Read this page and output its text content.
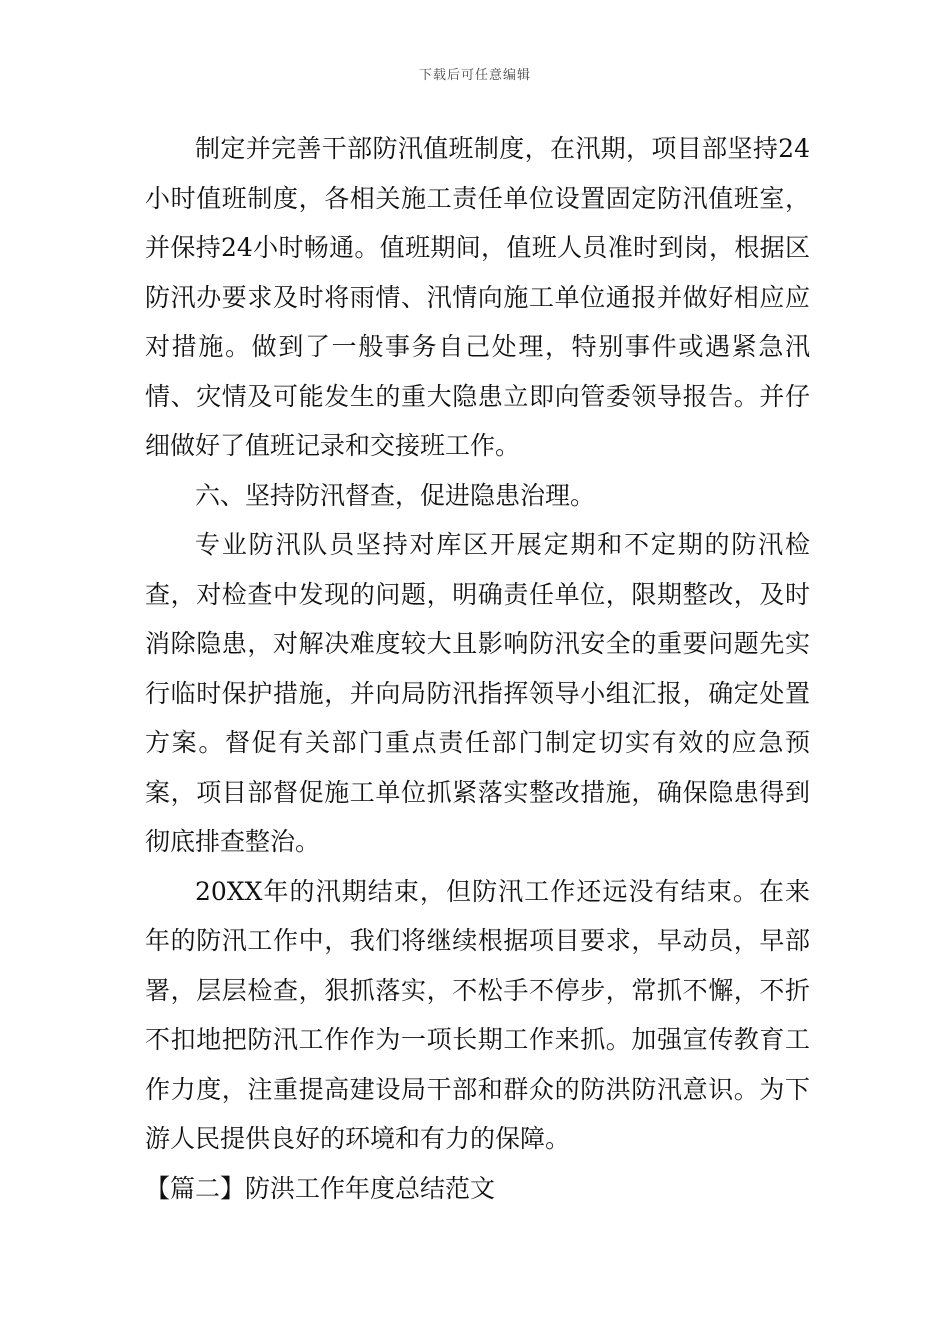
下载后可任意编辑

制定并完善干部防汛值班制度，在汛期，项目部坚持24小时值班制度，各相关施工责任单位设置固定防汛值班室，并保持24小时畅通。值班期间，值班人员准时到岗，根据区防汛办要求及时将雨情、汛情向施工单位通报并做好相应应对措施。做到了一般事务自己处理，特别事件或遇紧急汛情、灾情及可能发生的重大隐患立即向管委领导报告。并仔细做好了值班记录和交接班工作。

六、坚持防汛督查，促进隐患治理。

专业防汛队员坚持对库区开展定期和不定期的防汛检查，对检查中发现的问题，明确责任单位，限期整改，及时消除隐患，对解决难度较大且影响防汛安全的重要问题先实行临时保护措施，并向局防汛指挥领导小组汇报，确定处置方案。督促有关部门重点责任部门制定切实有效的应急预案，项目部督促施工单位抓紧落实整改措施，确保隐患得到彻底排查整治。

20XX年的汛期结束，但防汛工作还远没有结束。在来年的防汛工作中，我们将继续根据项目要求，早动员，早部署，层层检查，狠抓落实，不松手不停步，常抓不懈，不折不扣地把防汛工作作为一项长期工作来抓。加强宣传教育工作力度，注重提高建设局干部和群众的防洪防汛意识。为下游人民提供良好的环境和有力的保障。

【篇二】防洪工作年度总结范文
